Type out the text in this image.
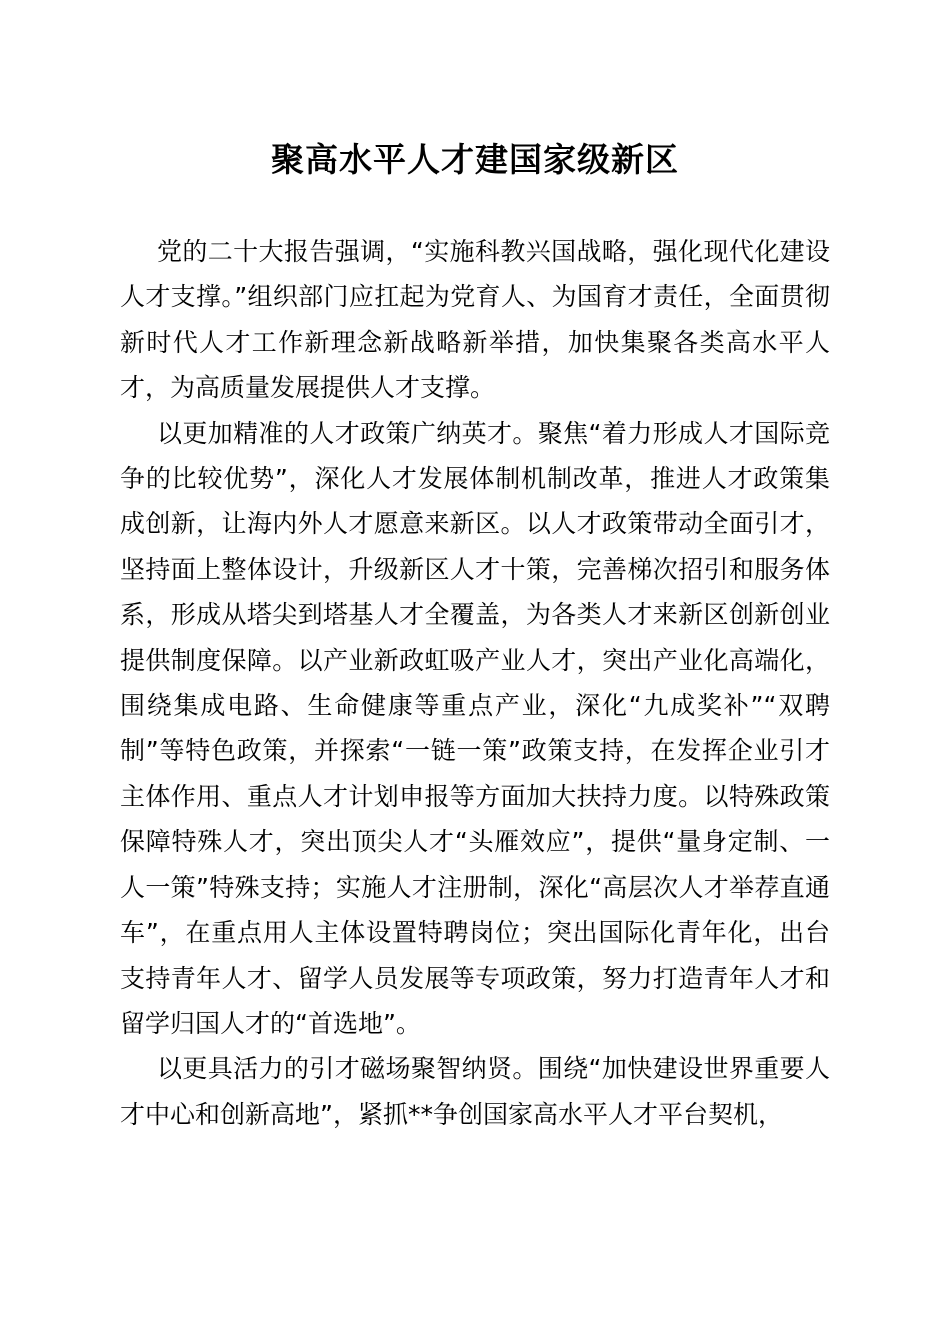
聚高水平人才建国家级新区

党的二十大报告强调，“实施科教兴国战略，强化现代化建设人才支撑。”组织部门应扛起为党育人、为国育才责任，全面贯彻新时代人才工作新理念新战略新举措，加快集聚各类高水平人才，为高质量发展提供人才支撑。

以更加精准的人才政策广纳英才。聚焦“着力形成人才国际竞争的比较优势”，深化人才发展体制机制改革，推进人才政策集成创新，让海内外人才愿意来新区。以人才政策带动全面引才，坚持面上整体设计，升级新区人才十策，完善梯次招引和服务体系，形成从塔尖到塔基人才全覆盖，为各类人才来新区创新创业提供制度保障。以产业新政虹吸产业人才，突出产业化高端化，围绕集成电路、生命健康等重点产业，深化“九成奖补”“双聘制”等特色政策，并探索“一链一策”政策支持，在发挥企业引才主体作用、重点人才计划申报等方面加大扶持力度。以特殊政策保障特殊人才，突出顶尖人才“头雁效应”，提供“量身定制、一人一策”特殊支持；实施人才注册制，深化“高层次人才举荐直通车”，在重点用人主体设置特聘岗位；突出国际化青年化，出台支持青年人才、留学人员发展等专项政策，努力打造青年人才和留学归国人才的“首选地”。

以更具活力的引才磁场聚智纳贤。围绕“加快建设世界重要人才中心和创新高地”，紧抓**争创国家高水平人才平台契机，
